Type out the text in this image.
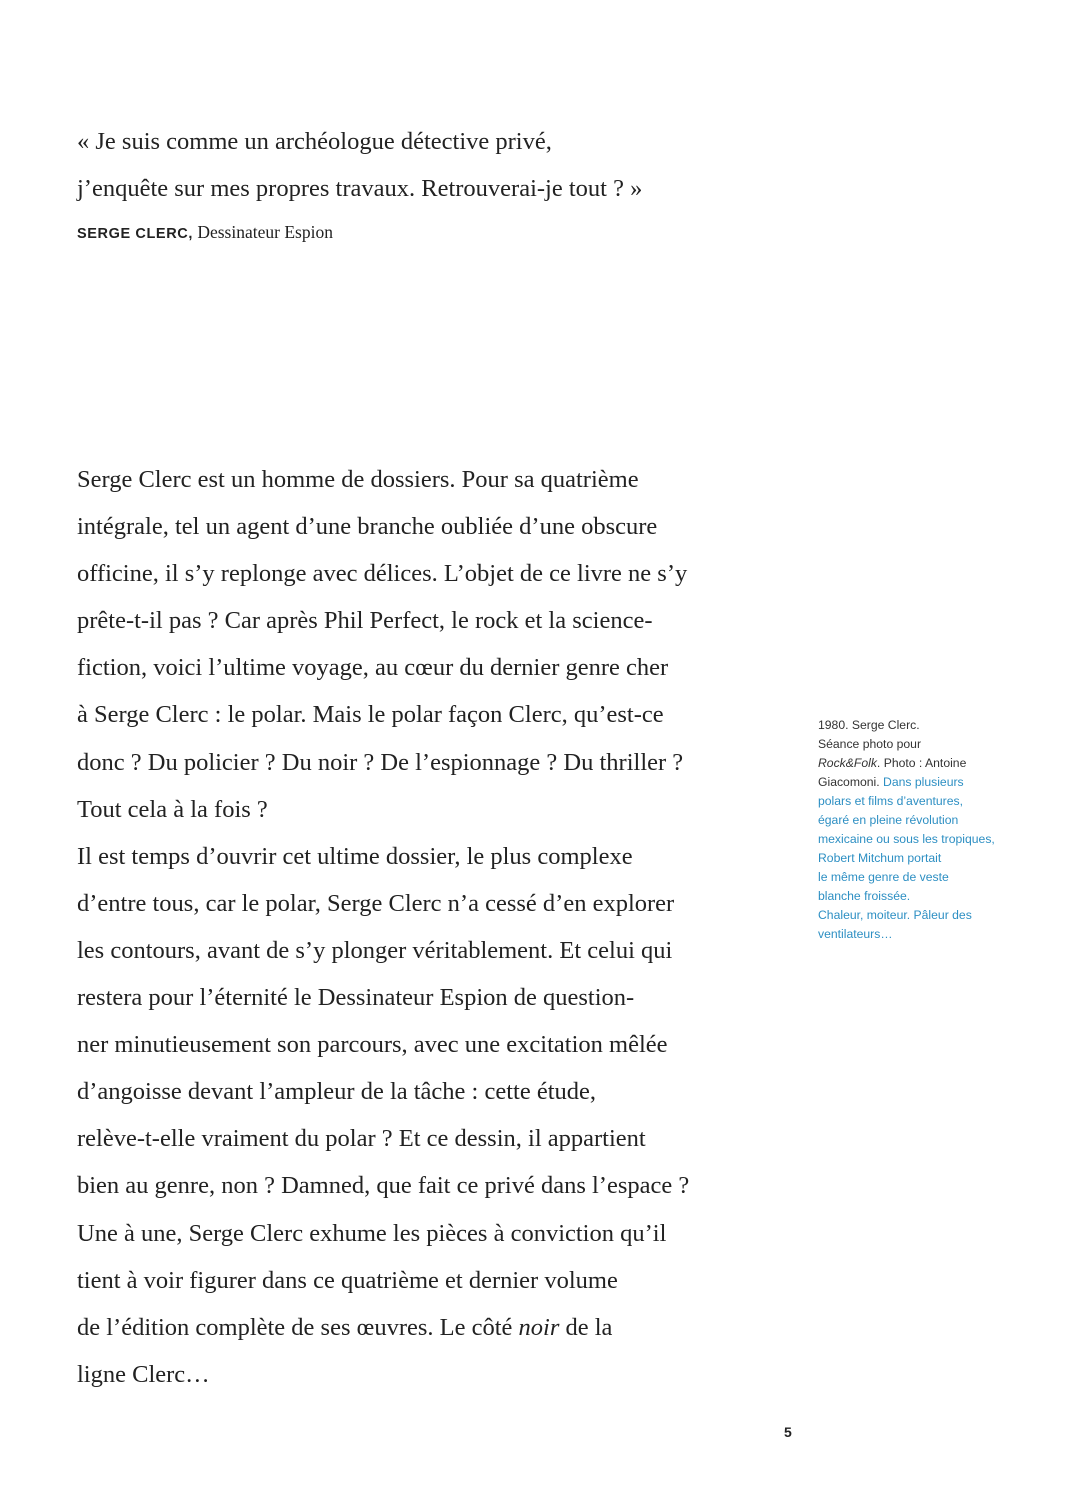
« Je suis comme un archéologue détective privé,
j’enquête sur mes propres travaux. Retrouverai-je tout ? »
SERGE CLERC, Dessinateur Espion
Serge Clerc est un homme de dossiers. Pour sa quatrième
intégrale, tel un agent d’une branche oubliée d’une obscure
officine, il s’y replonge avec délices. L’objet de ce livre ne s’y
prête-t-il pas ? Car après Phil Perfect, le rock et la science-
fiction, voici l’ultime voyage, au cœur du dernier genre cher
à Serge Clerc : le polar. Mais le polar façon Clerc, qu’est-ce
donc ? Du policier ? Du noir ? De l’espionnage ? Du thriller ?
Tout cela à la fois ?
Il est temps d’ouvrir cet ultime dossier, le plus complexe
d’entre tous, car le polar, Serge Clerc n’a cessé d’en explorer
les contours, avant de s’y plonger véritablement. Et celui qui
restera pour l’éternité le Dessinateur Espion de question-
ner minutieusement son parcours, avec une excitation mêlée
d’angoisse devant l’ampleur de la tâche : cette étude,
relève-t-elle vraiment du polar ? Et ce dessin, il appartient
bien au genre, non ? Damned, que fait ce privé dans l’espace ?
Une à une, Serge Clerc exhume les pièces à conviction qu’il
tient à voir figurer dans ce quatrième et dernier volume
de l’édition complète de ses œuvres. Le côté noir de la
ligne Clerc…
1980. Serge Clerc.
Séance photo pour
Rock&Folk. Photo : Antoine
Giacomoni. Dans plusieurs
polars et films d’aventures,
égaré en pleine révolution
mexicaine ou sous les tropiques,
Robert Mitchum portait
le même genre de veste
blanche froissée.
Chaleur, moiteur. Pâleur des
ventilateurs…
5
